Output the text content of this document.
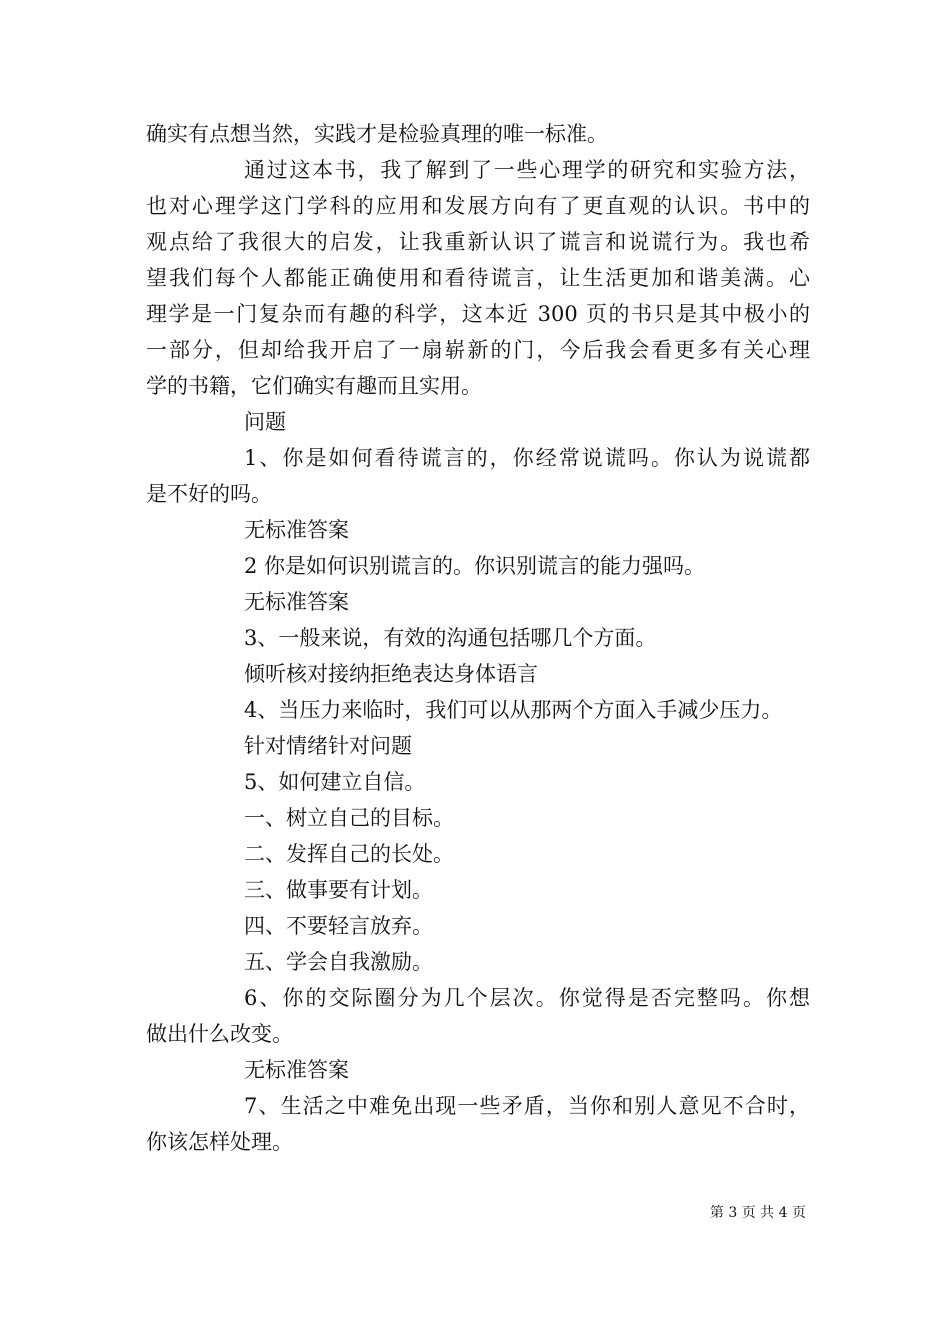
确实有点想当然，实践才是检验真理的唯一标准。
通过这本书，我了解到了一些心理学的研究和实验方法，
也对心理学这门学科的应用和发展方向有了更直观的认识。书中的
观点给了我很大的启发，让我重新认识了谎言和说谎行为。我也希
望我们每个人都能正确使用和看待谎言，让生活更加和谐美满。心
理学是一门复杂而有趣的科学，这本近 300 页的书只是其中极小的
一部分，但却给我开启了一扇崭新的门，今后我会看更多有关心理
学的书籍，它们确实有趣而且实用。
问题
1、你是如何看待谎言的，你经常说谎吗。你认为说谎都
是不好的吗。
无标准答案
2 你是如何识别谎言的。你识别谎言的能力强吗。
无标准答案
3、一般来说，有效的沟通包括哪几个方面。
倾听核对接纳拒绝表达身体语言
4、当压力来临时，我们可以从那两个方面入手减少压力。
针对情绪针对问题
5、如何建立自信。
一、树立自己的目标。
二、发挥自己的长处。
三、做事要有计划。
四、不要轻言放弃。
五、学会自我激励。
6、你的交际圈分为几个层次。你觉得是否完整吗。你想
做出什么改变。
无标准答案
7、生活之中难免出现一些矛盾，当你和别人意见不合时，
你该怎样处理。
第 3 页 共 4 页
